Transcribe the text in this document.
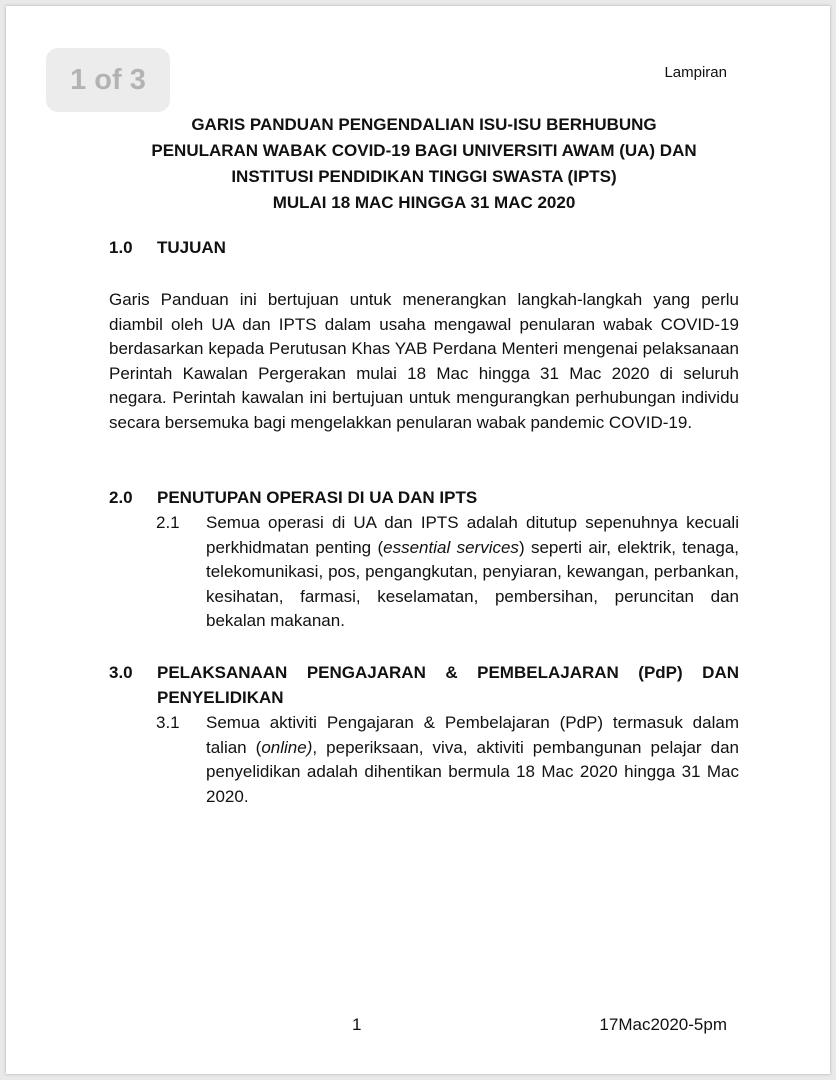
1 of 3	Lampiran
GARIS PANDUAN PENGENDALIAN ISU-ISU BERHUBUNG
PENULARAN WABAK COVID-19 BAGI UNIVERSITI AWAM (UA) DAN
INSTITUSI PENDIDIKAN TINGGI SWASTA (IPTS)
MULAI 18 MAC HINGGA 31 MAC 2020
1.0 TUJUAN
Garis Panduan ini bertujuan untuk menerangkan langkah-langkah yang perlu diambil oleh UA dan IPTS dalam usaha mengawal penularan wabak COVID-19 berdasarkan kepada Perutusan Khas YAB Perdana Menteri mengenai pelaksanaan Perintah Kawalan Pergerakan mulai 18 Mac hingga 31 Mac 2020 di seluruh negara. Perintah kawalan ini bertujuan untuk mengurangkan perhubungan individu secara bersemuka bagi mengelakkan penularan wabak pandemic COVID-19.
2.0 PENUTUPAN OPERASI DI UA DAN IPTS
2.1 Semua operasi di UA dan IPTS adalah ditutup sepenuhnya kecuali perkhidmatan penting (essential services) seperti air, elektrik, tenaga, telekomunikasi, pos, pengangkutan, penyiaran, kewangan, perbankan, kesihatan, farmasi, keselamatan, pembersihan, peruncitan dan bekalan makanan.
3.0 PELAKSANAAN PENGAJARAN & PEMBELAJARAN (PdP) DAN PENYELIDIKAN
3.1 Semua aktiviti Pengajaran & Pembelajaran (PdP) termasuk dalam talian (online), peperiksaan, viva, aktiviti pembangunan pelajar dan penyelidikan adalah dihentikan bermula 18 Mac 2020 hingga 31 Mac 2020.
1	17Mac2020-5pm
